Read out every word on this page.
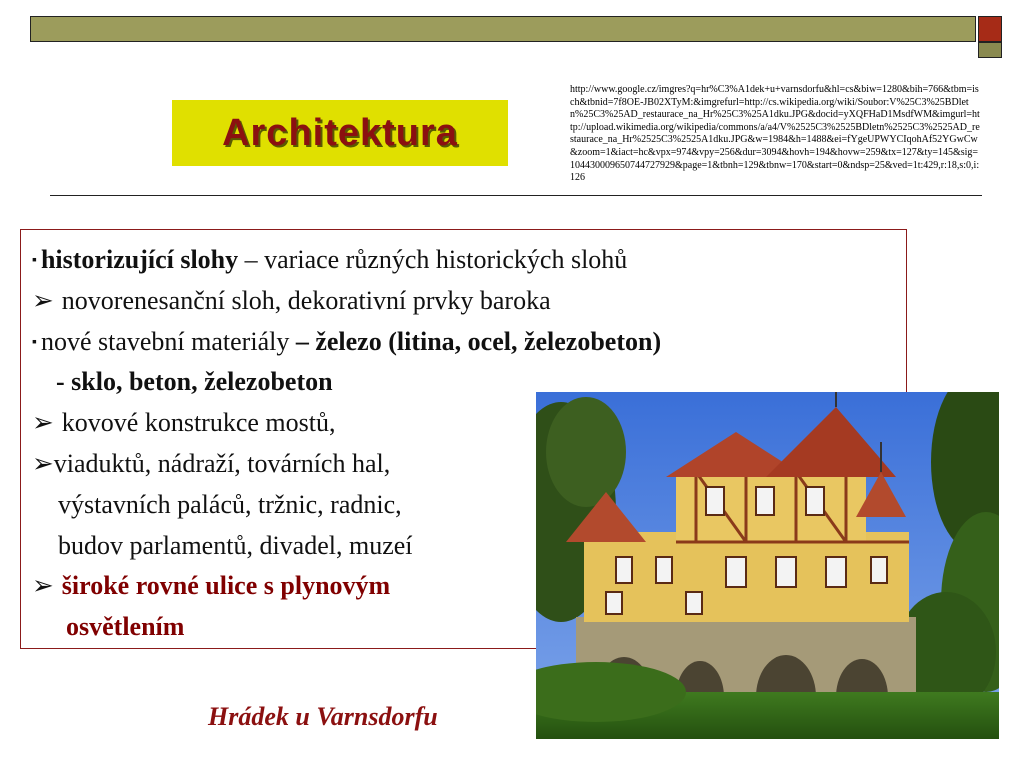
Architektura
http://www.google.cz/imgres?q=hr%C3%A1dek+u+varnsdorfu&hl=cs&biw=1280&bih=766&tbm=isch&tbnid=7f8OE-JB02XTyM:&imgrefurl=http://cs.wikipedia.org/wiki/Soubor:V%25C3%25BDletn%25C3%25AD_restaurace_na_Hr%25C3%25A1dku.JPG&docid=yXQFHaD1MsdfWM&imgurl=http://upload.wikimedia.org/wikipedia/commons/a/a4/V%2525C3%2525BDletn%2525C3%2525AD_restaurace_na_Hr%2525C3%2525A1dku.JPG&w=1984&h=1488&ei=fYgeUPWYCIqohAf52YGwCw&zoom=1&iact=hc&vpx=974&vpy=256&dur=3094&hovh=194&hovw=259&tx=127&ty=145&sig=104430009650744727929&page=1&tbnh=129&tbnw=170&start=0&ndsp=25&ved=1t:429,r:18,s:0,i:126
▪ historizující slohy – variace různých historických slohů
➢ novorenesanční sloh, dekorativní prvky baroka
▪ nové stavební materiály – železo (litina, ocel, železobeton)
- sklo, beton, železobeton
➢ kovové konstrukce mostů,
➢viaduktů, nádraží, továrních hal,
výstavních paláců, tržnic, radnic,
budov parlamentů, divadel, muzeí
➢ široké rovné ulice s plynovým
osvětlením
Hrádek u Varnsdorfu
